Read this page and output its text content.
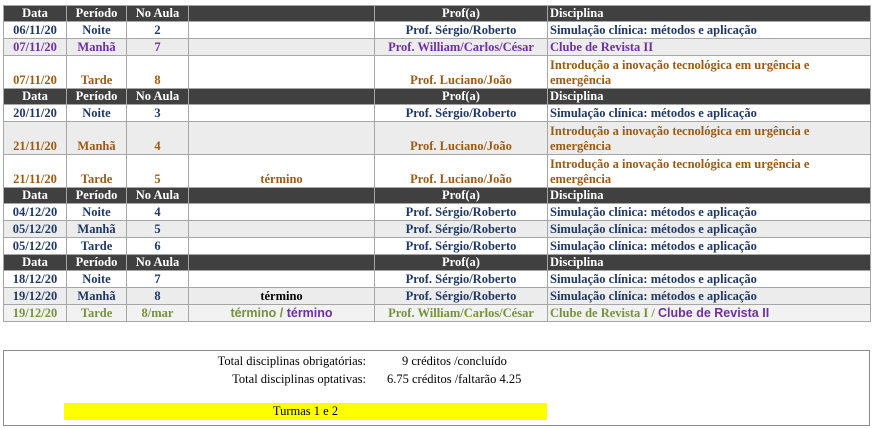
Data	Período	No Aula		Prof(a)	Disciplina
06/11/20	Noite	2		Prof. Sérgio/Roberto	Simulação clínica: métodos e aplicação
07/11/20	Manhã	7		Prof. William/Carlos/César	Clube de Revista II
07/11/20	Tarde	8		Prof. Luciano/João	Introdução a inovação tecnológica em urgência e emergência
Data	Período	No Aula		Prof(a)	Disciplina
20/11/20	Noite	3		Prof. Sérgio/Roberto	Simulação clínica: métodos e aplicação
21/11/20	Manhã	4		Prof. Luciano/João	Introdução a inovação tecnológica em urgência e emergência
21/11/20	Tarde	5	término	Prof. Luciano/João	Introdução a inovação tecnológica em urgência e emergência
Data	Período	No Aula		Prof(a)	Disciplina
04/12/20	Noite	4		Prof. Sérgio/Roberto	Simulação clínica: métodos e aplicação
05/12/20	Manhã	5		Prof. Sérgio/Roberto	Simulação clínica: métodos e aplicação
05/12/20	Tarde	6		Prof. Sérgio/Roberto	Simulação clínica: métodos e aplicação
Data	Período	No Aula		Prof(a)	Disciplina
18/12/20	Noite	7		Prof. Sérgio/Roberto	Simulação clínica: métodos e aplicação
19/12/20	Manhã	8	término	Prof. Sérgio/Roberto	Simulação clínica: métodos e aplicação
19/12/20	Tarde	8/mar	término / término	Prof. William/Carlos/César	Clube de Revista I / Clube de Revista II
Total disciplinas obrigatórias:	9 créditos /concluído
Total disciplinas optativas: 6.75 créditos /faltarão 4.25
Turmas 1 e 2
